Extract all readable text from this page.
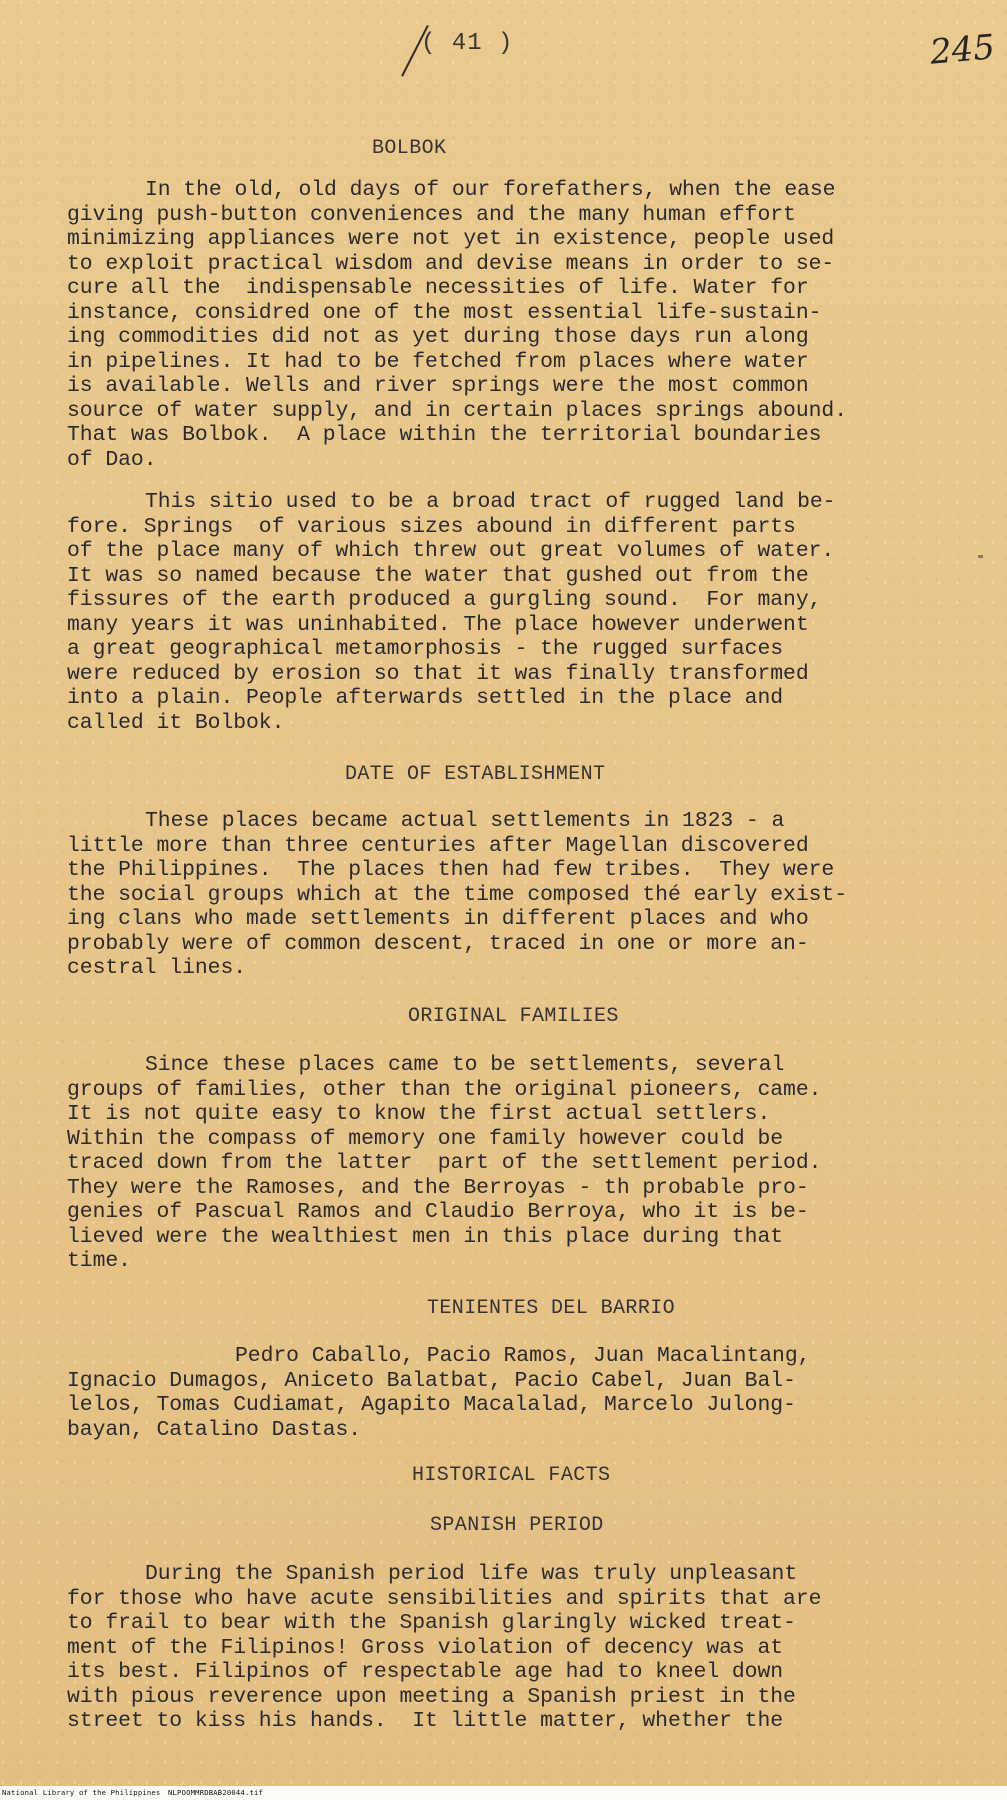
( 41 )	245
BOLBOK

In the old, old days of our forefathers, when the ease
giving push-button conveniences and the many human effort
minimizing appliances were not yet in existence, people used
to exploit practical wisdom and devise means in order to se-
cure all the  indispensable necessities of life. Water for
instance, considred one of the most essential life-sustain-
ing commodities did not as yet during those days run along
in pipelines. It had to be fetched from places where water
is available. Wells and river springs were the most common
source of water supply, and in certain places springs abound.
That was Bolbok.  A place within the territorial boundaries
of Dao.

This sitio used to be a broad tract of rugged land be-
fore. Springs  of various sizes abound in different parts
of the place many of which threw out great volumes of water.
It was so named because the water that gushed out from the
fissures of the earth produced a gurgling sound.  For many,
many years it was uninhabited. The place however underwent
a great geographical metamorphosis - the rugged surfaces
were reduced by erosion so that it was finally transformed
into a plain. People afterwards settled in the place and
called it Bolbok.

DATE OF ESTABLISHMENT

These places became actual settlements in 1823 - a
little more than three centuries after Magellan discovered
the Philippines.  The places then had few tribes.  They were
the social groups which at the time composed thé early exist-
ing clans who made settlements in different places and who
probably were of common descent, traced in one or more an-
cestral lines.

ORIGINAL FAMILIES

Since these places came to be settlements, several
groups of families, other than the original pioneers, came.
It is not quite easy to know the first actual settlers.
Within the compass of memory one family however could be
traced down from the latter  part of the settlement period.
They were the Ramoses, and the Berroyas - th probable pro-
genies of Pascual Ramos and Claudio Berroya, who it is be-
lieved were the wealthiest men in this place during that
time.

TENIENTES DEL BARRIO

Pedro Caballo, Pacio Ramos, Juan Macalintang,
Ignacio Dumagos, Aniceto Balatbat, Pacio Cabel, Juan Bal-
lelos, Tomas Cudiamat, Agapito Macalalad, Marcelo Julong-
bayan, Catalino Dastas.

HISTORICAL FACTS
SPANISH PERIOD

During the Spanish period life was truly unpleasant
for those who have acute sensibilities and spirits that are
to frail to bear with the Spanish glaringly wicked treat-
ment of the Filipinos! Gross violation of decency was at
its best. Filipinos of respectable age had to kneel down
with pious reverence upon meeting a Spanish priest in the
street to kiss his hands.  It little matter, whether the

National Library of the Philippines NLPOOMMRDBAB20044.tif
